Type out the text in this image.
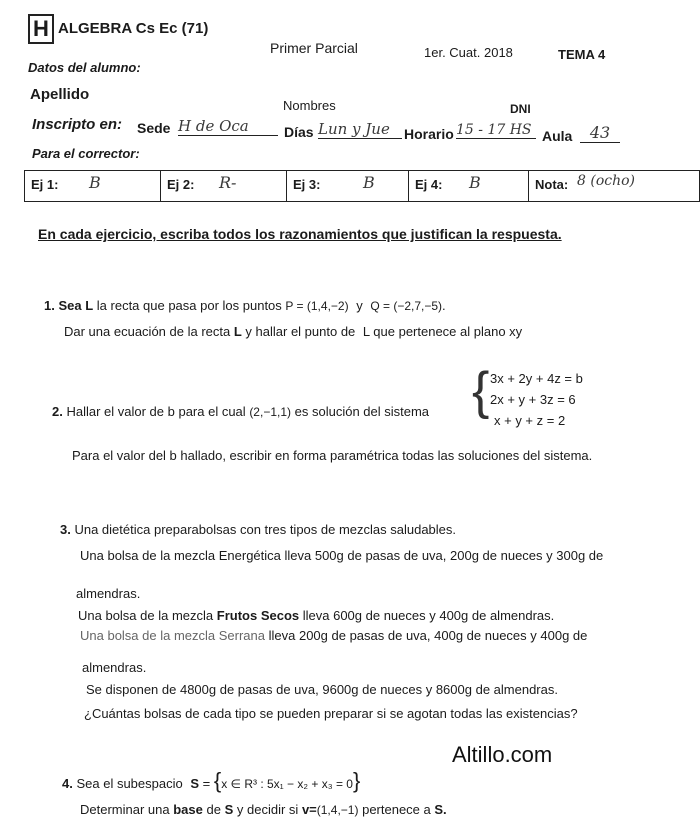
H ALGEBRA Cs Ec (71)
Primer Parcial	1er. Cuat. 2018	TEMA 4
Datos del alumno:
Apellido
Nombres	DNI
Inscripto en: Sede H de Oca	Días Lun y Jue	Horario 15 - 17 HS Aula	43
Para el corrector:
Ej 1: B	Ej 2: R-	Ej 3:	B	Ej 4: B	Nota: 8 (ocho)
En cada ejercicio, escriba todos los razonamientos que justifican la respuesta.
1. Sea L la recta que pasa por los puntos P = (1,4,−2) y Q = (−2,7,−5).
Dar una ecuación de la recta L y hallar el punto de L que pertenece al plano xy
2. Hallar el valor de b para el cual (2,−1,1) es solución del sistema { 3x + 2y + 4z = b
2x + y + 3z = 6
x + y + z = 2
Para el valor del b hallado, escribir en forma paramétrica todas las soluciones del sistema.
3. Una dietética preparabolsas con tres tipos de mezclas saludables.
Una bolsa de la mezcla Energética lleva 500g de pasas de uva, 200g de nueces y 300g de
almendras.
Una bolsa de la mezcla Frutos Secos lleva 600g de nueces y 400g de almendras.
Una bolsa de la mezcla Serrana lleva 200g de pasas de uva, 400g de nueces y 400g de
almendras.
Se disponen de 4800g de pasas de uva, 9600g de nueces y 8600g de almendras.
¿Cuántas bolsas de cada tipo se pueden preparar si se agotan todas las existencias?
Altillo.com
4. Sea el subespacio S = {x ∈ R³ : 5x₁ − x₂ + x₃ = 0}
Determinar una base de S y decidir si v=(1,4,−1) pertenece a S.
